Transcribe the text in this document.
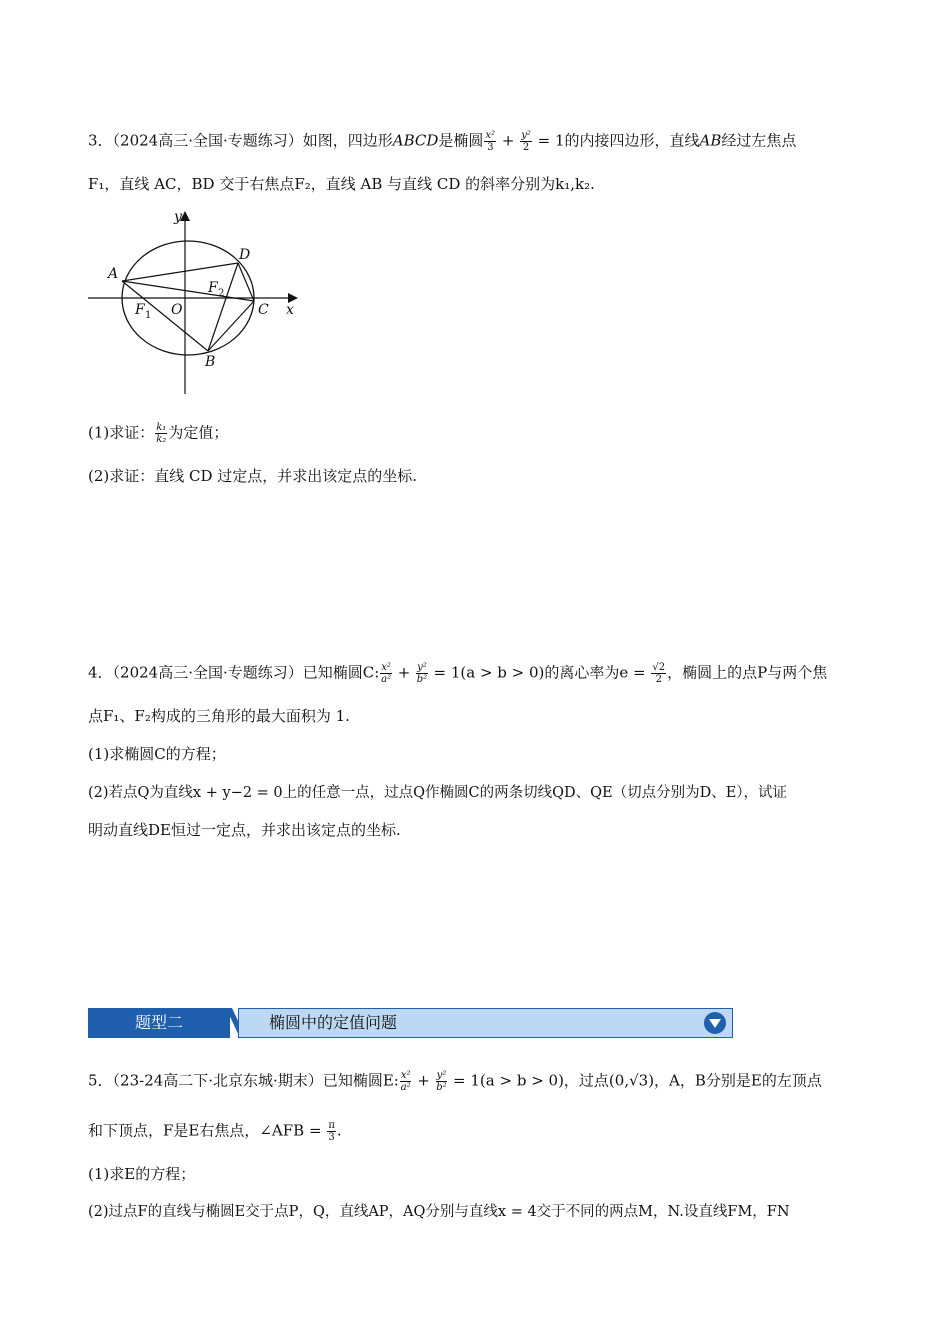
3．（2024高三·全国·专题练习）如图，四边形ABCD是椭圆 $\frac{\text{x²}}{3} + \frac{\text{y²}}{2} = 1$的内接四边形，直线AB经过左焦点
F₁，直线 AC，BD 交于右焦点F₂，直线 AB 与直线 CD 的斜率分别为k₁,k₂.
y
x
A
D
C
B
O
F 1
F 2
(1)求证： $\frac{\text{k₁}}{\text{k₂}}$ 为定值；
(2)求证：直线 CD 过定点，并求出该定点的坐标.
4．（2024高三·全国·专题练习）已知椭圆C: $\frac{\text{x²}}{\text{a²}} + \frac{\text{y²}}{\text{b²}} = 1(a > b > 0)$的离心率为$e = \frac{√2}{2}$ ，椭圆上的点P与两个焦
点F₁、F₂构成的三角形的最大面积为 1.
(1)求椭圆C的方程；
(2)若点Q为直线x + y−2 = 0上的任意一点，过点Q作椭圆C的两条切线QD、QE（切点分别为D、E），试证
明动直线DE恒过一定点，并求出该定点的坐标.
题型二	椭圆中的定值问题
5．（23-24高二下·北京东城·期末）已知椭圆E: $\frac{\text{x²}}{\text{a²}} + \frac{\text{y²}}{\text{b²}} = 1(a > b > 0)$，过点(0,√3)，A，B分别是E的左顶点
和下顶点，F是E右焦点，∠AFB = $\frac{\pi}{3}$ .
(1)求E的方程；
(2)过点F的直线与椭圆E交于点P，Q，直线AP，AQ分别与直线x = 4交于不同的两点M，N.设直线FM，FN
